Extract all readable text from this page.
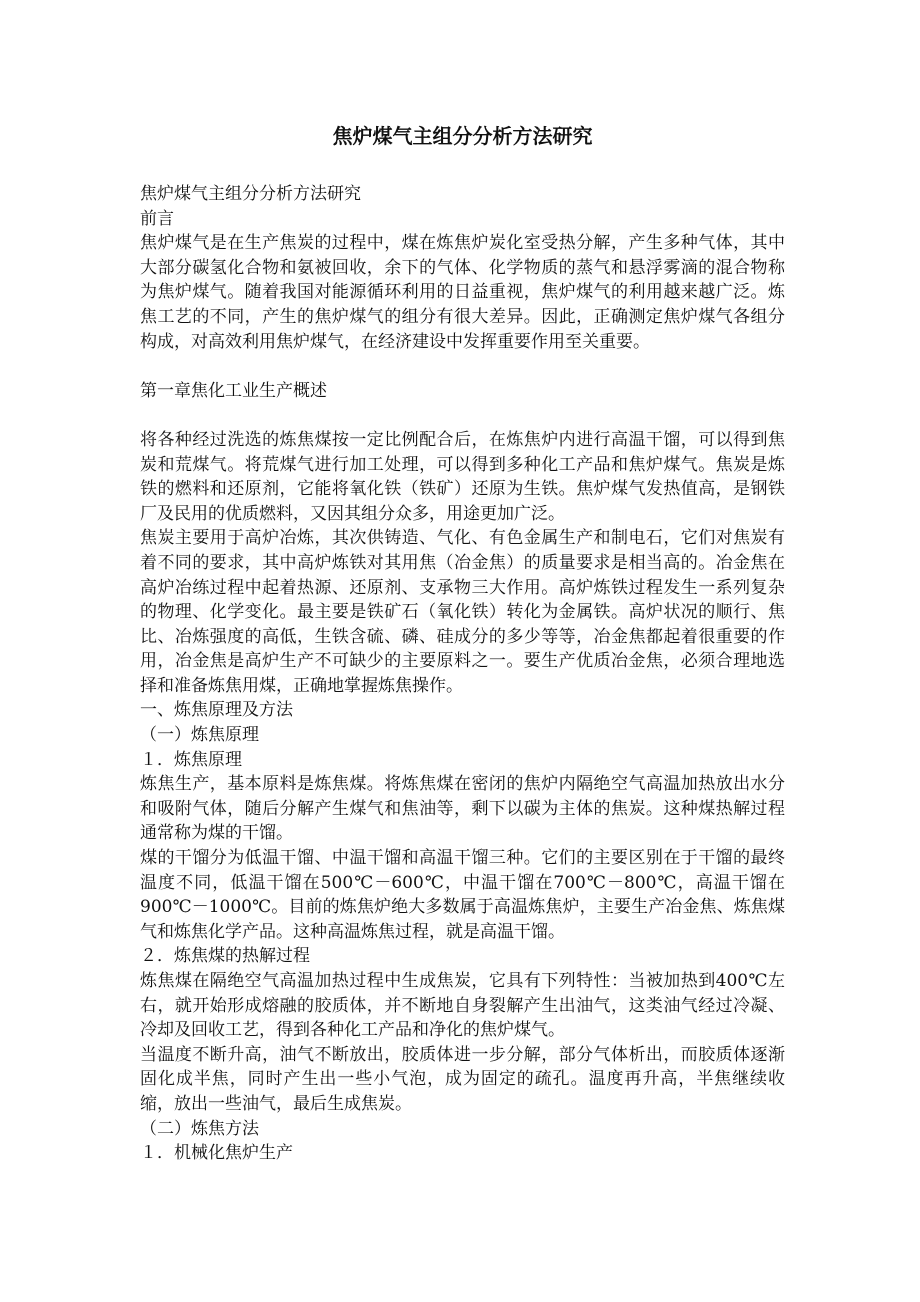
焦炉煤气主组分分析方法研究

焦炉煤气主组分分析方法研究

前言

焦炉煤气是在生产焦炭的过程中，煤在炼焦炉炭化室受热分解，产生多种气体，其中大部分碳氢化合物和氨被回收，余下的气体、化学物质的蒸气和悬浮雾滴的混合物称为焦炉煤气。随着我国对能源循环利用的日益重视，焦炉煤气的利用越来越广泛。炼焦工艺的不同，产生的焦炉煤气的组分有很大差异。因此，正确测定焦炉煤气各组分构成，对高效利用焦炉煤气，在经济建设中发挥重要作用至关重要。

第一章焦化工业生产概述

将各种经过洗选的炼焦煤按一定比例配合后，在炼焦炉内进行高温干馏，可以得到焦炭和荒煤气。将荒煤气进行加工处理，可以得到多种化工产品和焦炉煤气。焦炭是炼铁的燃料和还原剂，它能将氧化铁（铁矿）还原为生铁。焦炉煤气发热值高，是钢铁厂及民用的优质燃料，又因其组分众多，用途更加广泛。

焦炭主要用于高炉冶炼，其次供铸造、气化、有色金属生产和制电石，它们对焦炭有着不同的要求，其中高炉炼铁对其用焦（冶金焦）的质量要求是相当高的。冶金焦在高炉冶练过程中起着热源、还原剂、支承物三大作用。高炉炼铁过程发生一系列复杂的物理、化学变化。最主要是铁矿石（氧化铁）转化为金属铁。高炉状况的顺行、焦比、冶炼强度的高低，生铁含硫、磷、硅成分的多少等等，冶金焦都起着很重要的作用，冶金焦是高炉生产不可缺少的主要原料之一。要生产优质冶金焦，必须合理地选择和准备炼焦用煤，正确地掌握炼焦操作。

一、炼焦原理及方法

（一）炼焦原理

１．炼焦原理

炼焦生产，基本原料是炼焦煤。将炼焦煤在密闭的焦炉内隔绝空气高温加热放出水分和吸附气体，随后分解产生煤气和焦油等，剩下以碳为主体的焦炭。这种煤热解过程通常称为煤的干馏。

煤的干馏分为低温干馏、中温干馏和高温干馏三种。它们的主要区别在于干馏的最终温度不同，低温干馏在500℃－600℃，中温干馏在700℃－800℃，高温干馏在900℃－1000℃。目前的炼焦炉绝大多数属于高温炼焦炉，主要生产冶金焦、炼焦煤气和炼焦化学产品。这种高温炼焦过程，就是高温干馏。

２．炼焦煤的热解过程

炼焦煤在隔绝空气高温加热过程中生成焦炭，它具有下列特性：当被加热到400℃左右，就开始形成熔融的胶质体，并不断地自身裂解产生出油气，这类油气经过冷凝、冷却及回收工艺，得到各种化工产品和净化的焦炉煤气。

当温度不断升高，油气不断放出，胶质体进一步分解，部分气体析出，而胶质体逐渐固化成半焦，同时产生出一些小气泡，成为固定的疏孔。温度再升高，半焦继续收缩，放出一些油气，最后生成焦炭。

（二）炼焦方法

１．机械化焦炉生产
